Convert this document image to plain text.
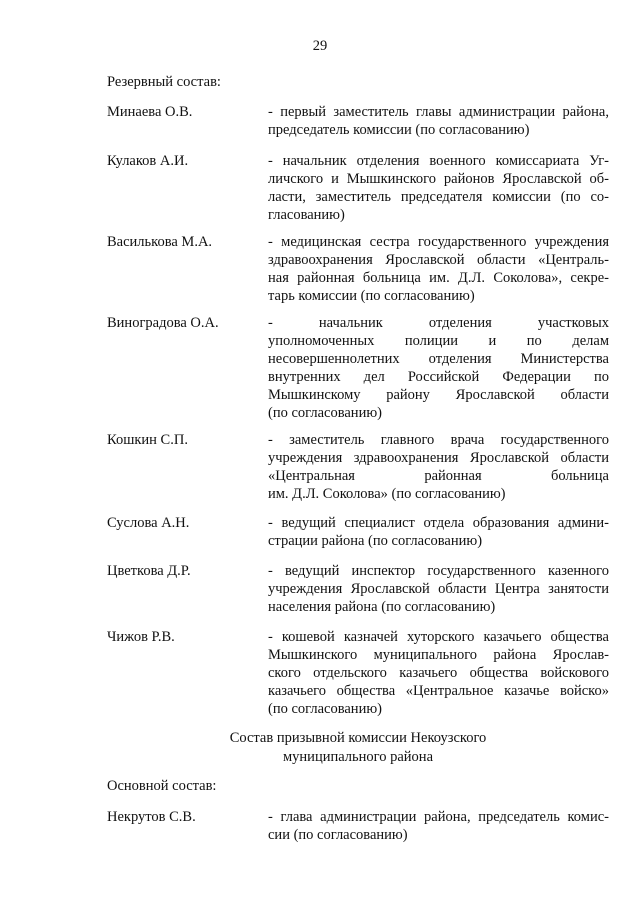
29
Резервный состав:
Минаева О.В.	- первый заместитель главы администрации района,
председатель комиссии (по согласованию)
Кулаков А.И.	- начальник отделения военного комиссариата Уг-
личского и Мышкинского районов Ярославской об-
ласти, заместитель председателя комиссии (по со-
гласованию)
Василькова М.А.	- медицинская сестра государственного учреждения
здравоохранения Ярославской области «Централь-
ная районная больница им. Д.Л. Соколова», секре-
тарь комиссии (по согласованию)
Виноградова О.А.	- начальник отделения участковых
уполномоченных полиции и по делам
несовершеннолетних отделения Министерства
внутренних дел Российской Федерации по
Мышкинскому району Ярославской области
(по согласованию)
Кошкин С.П.	- заместитель главного врача государственного
учреждения здравоохранения Ярославской области
«Центральная районная больница
им. Д.Л. Соколова» (по согласованию)
Суслова А.Н.	- ведущий специалист отдела образования админи-
страции района (по согласованию)
Цветкова Д.Р.	- ведущий инспектор государственного казенного
учреждения Ярославской области Центра занятости
населения района (по согласованию)
Чижов Р.В.	- кошевой казначей хуторского казачьего общества
Мышкинского муниципального района Ярослав-
ского отдельского казачьего общества войскового
казачьего общества «Центральное казачье войско»
(по согласованию)
Состав призывной комиссии Некоузского
муниципального района
Основной состав:
Некрутов С.В.	- глава администрации района, председатель комис-
сии (по согласованию)
